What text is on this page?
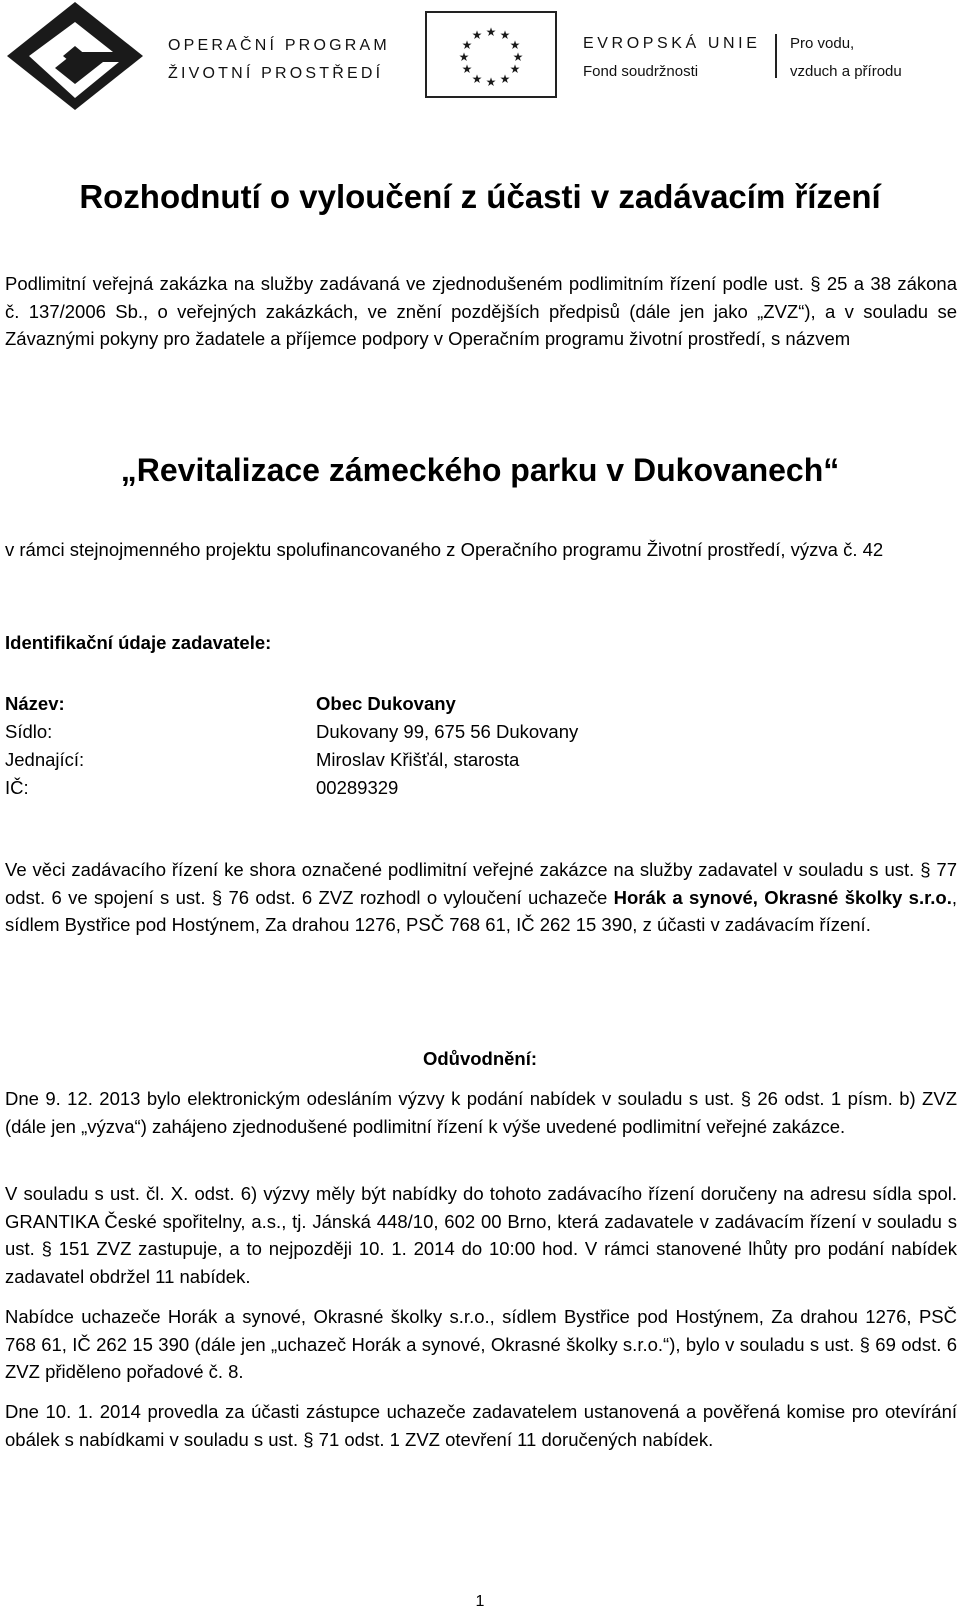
OPERAČNÍ PROGRAM
ŽIVOTNÍ PROSTŘEDÍ
★ ★
★
★
★
★
★
★
★
★
★
★	EVROPSKÁ UNIE
Fond soudržnosti
Pro vodu,
vzduch a přírodu
Rozhodnutí o vyloučení z účasti v zadávacím řízení

Podlimitní veřejná zakázka na služby zadávaná ve zjednodušeném podlimitním řízení podle ust. § 25 a 38 zákona č. 137/2006 Sb., o veřejných zakázkách, ve znění pozdějších předpisů (dále jen jako „ZVZ“), a v souladu se Závaznými pokyny pro žadatele a příjemce podpory v Operačním programu životní prostředí, s názvem

„Revitalizace zámeckého parku v Dukovanech“

v rámci stejnojmenného projektu spolufinancovaného z Operačního programu Životní prostředí, výzva č. 42

Identifikační údaje zadavatele:
Název:	Obec Dukovany
Sídlo:	Dukovany 99, 675 56 Dukovany
Jednající:	Miroslav Křišťál, starosta
IČ:	00289329

Ve věci zadávacího řízení ke shora označené podlimitní veřejné zakázce na služby zadavatel v souladu s ust. § 77 odst. 6 ve spojení s ust. § 76 odst. 6 ZVZ rozhodl o vyloučení uchazeče Horák a synové, Okrasné školky s.r.o., sídlem Bystřice pod Hostýnem, Za drahou 1276, PSČ 768 61, IČ 262 15 390, z účasti v zadávacím řízení.

Odůvodnění:

Dne 9. 12. 2013 bylo elektronickým odesláním výzvy k podání nabídek v souladu s ust. § 26 odst. 1 písm. b) ZVZ (dále jen „výzva“) zahájeno zjednodušené podlimitní řízení k výše uvedené podlimitní veřejné zakázce.

V souladu s ust. čl. X. odst. 6) výzvy měly být nabídky do tohoto zadávacího řízení doručeny na adresu sídla spol. GRANTIKA České spořitelny, a.s., tj. Jánská 448/10, 602 00 Brno, která zadavatele v zadávacím řízení v souladu s ust. § 151 ZVZ zastupuje, a to nejpozději 10. 1. 2014 do 10:00 hod. V rámci stanovené lhůty pro podání nabídek zadavatel obdržel 11 nabídek.

Nabídce uchazeče Horák a synové, Okrasné školky s.r.o., sídlem Bystřice pod Hostýnem, Za drahou 1276, PSČ 768 61, IČ 262 15 390 (dále jen „uchazeč Horák a synové, Okrasné školky s.r.o.“), bylo v souladu s ust. § 69 odst. 6 ZVZ přiděleno pořadové č. 8.

Dne 10. 1. 2014 provedla za účasti zástupce uchazeče zadavatelem ustanovená a pověřená komise pro otevírání obálek s nabídkami v souladu s ust. § 71 odst. 1 ZVZ otevření 11 doručených nabídek.

1
